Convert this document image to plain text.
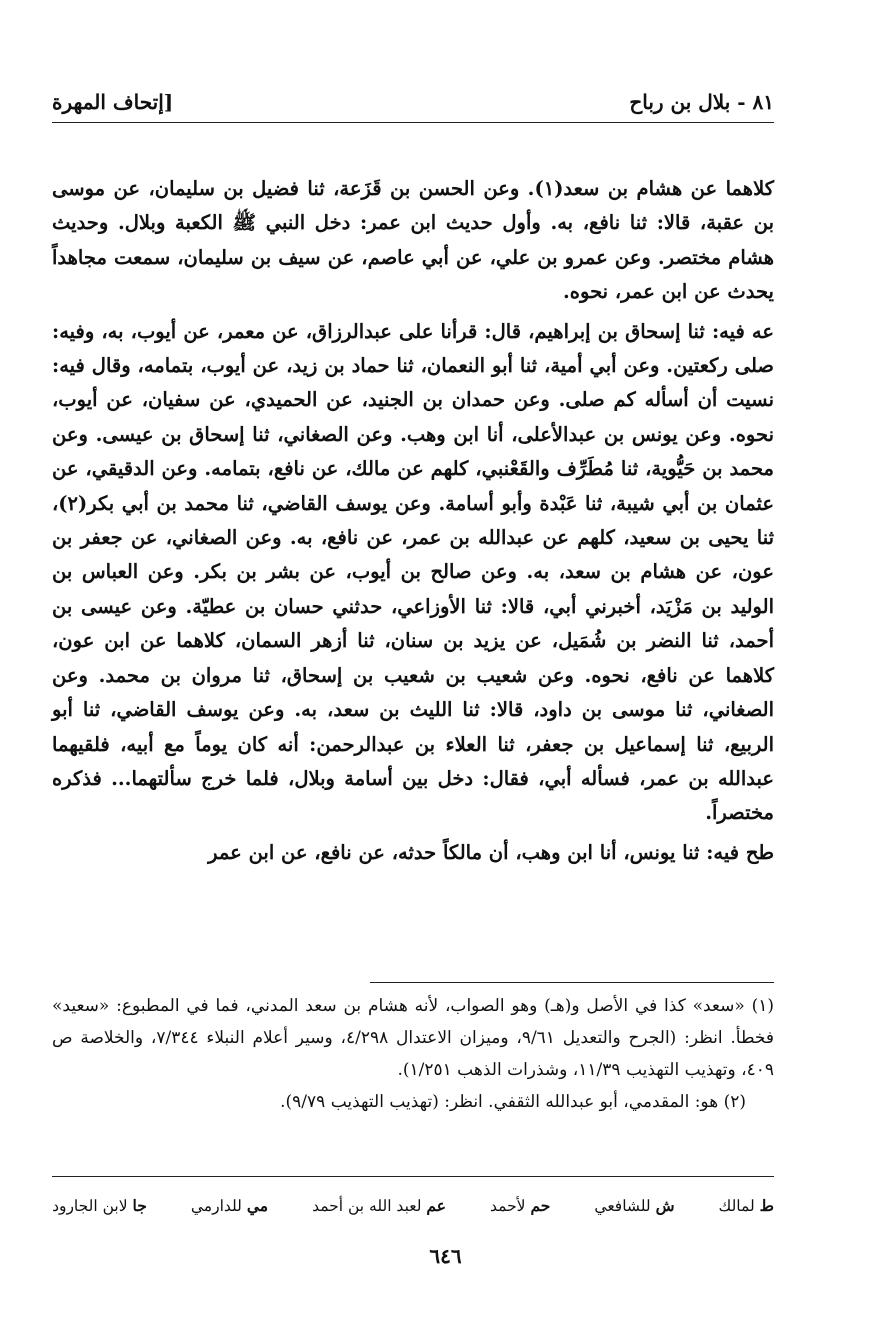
٨١ - بلال بن رباح
[إتحاف المهرة

كلاهما عن هشام بن سعد(١). وعن الحسن بن قَزَعة، ثنا فضيل بن سليمان، عن موسى بن عقبة، قالا: ثنا نافع، به. وأول حديث ابن عمر: دخل النبي ﷺ الكعبة وبلال. وحديث هشام مختصر. وعن عمرو بن علي، عن أبي عاصم، عن سيف بن سليمان، سمعت مجاهداً يحدث عن ابن عمر، نحوه.

عه فيه: ثنا إسحاق بن إبراهيم، قال: قرأنا على عبدالرزاق، عن معمر، عن أيوب، به، وفيه: صلى ركعتين. وعن أبي أمية، ثنا أبو النعمان، ثنا حماد بن زيد، عن أيوب، بتمامه، وقال فيه: نسيت أن أسأله كم صلى. وعن حمدان بن الجنيد، عن الحميدي، عن سفيان، عن أيوب، نحوه. وعن يونس بن عبدالأعلى، أنا ابن وهب. وعن الصغاني، ثنا إسحاق بن عيسى. وعن محمد بن حَيُّوية، ثنا مُطَرِّف والقَعْنبي، كلهم عن مالك، عن نافع، بتمامه. وعن الدقيقي، عن عثمان بن أبي شيبة، ثنا عَبْدة وأبو أسامة. وعن يوسف القاضي، ثنا محمد بن أبي بكر(٢)، ثنا يحيى بن سعيد، كلهم عن عبدالله بن عمر، عن نافع، به. وعن الصغاني، عن جعفر بن عون، عن هشام بن سعد، به. وعن صالح بن أيوب، عن بشر بن بكر. وعن العباس بن الوليد بن مَزْيَد، أخبرني أبي، قالا: ثنا الأوزاعي، حدثني حسان بن عطيّة. وعن عيسى بن أحمد، ثنا النضر بن شُمَيل، عن يزيد بن سنان، ثنا أزهر السمان، كلاهما عن ابن عون، كلاهما عن نافع، نحوه. وعن شعيب بن شعيب بن إسحاق، ثنا مروان بن محمد. وعن الصغاني، ثنا موسى بن داود، قالا: ثنا الليث بن سعد، به. وعن يوسف القاضي، ثنا أبو الربيع، ثنا إسماعيل بن جعفر، ثنا العلاء بن عبدالرحمن: أنه كان يوماً مع أبيه، فلقيهما عبدالله بن عمر، فسأله أبي، فقال: دخل بين أسامة وبلال، فلما خرج سألتهما... فذكره مختصراً.

طح فيه: ثنا يونس، أنا ابن وهب، أن مالكاً حدثه، عن نافع، عن ابن عمر

(١) «سعد» كذا في الأصل و(هـ) وهو الصواب، لأنه هشام بن سعد المدني، فما في المطبوع: «سعيد» فخطأ. انظر: (الجرح والتعديل ٩/٦١، وميزان الاعتدال ٤/٢٩٨، وسير أعلام النبلاء ٧/٣٤٤، والخلاصة ص ٤٠٩، وتهذيب التهذيب ١١/٣٩، وشذرات الذهب ١/٢٥١).

(٢) هو: المقدمي، أبو عبدالله الثقفي. انظر: (تهذيب التهذيب ٩/٧٩).

ط لمالك
ش للشافعي
حم لأحمد
عم لعبد الله بن أحمد
مي للدارمي
جا لابن الجارود
٦٤٦
